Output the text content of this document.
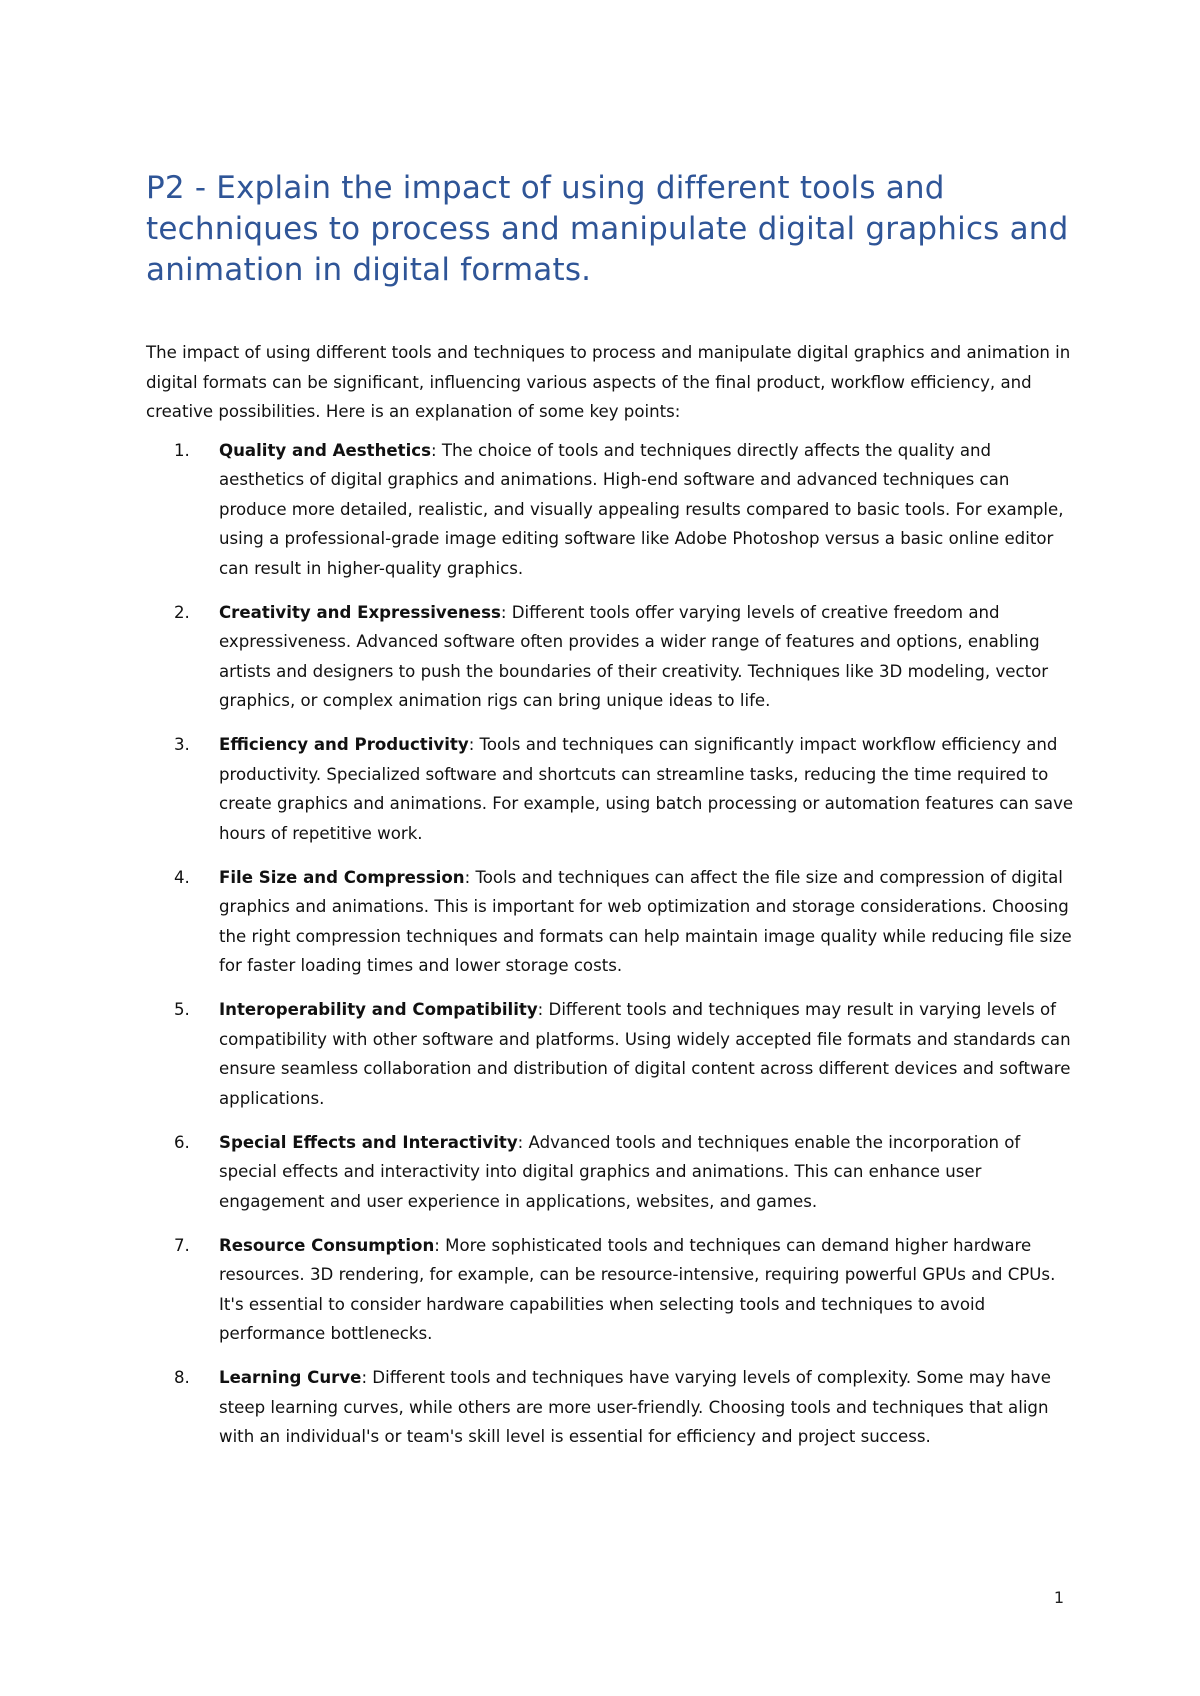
P2 - Explain the impact of using different tools and techniques to process and manipulate digital graphics and animation in digital formats.

The impact of using different tools and techniques to process and manipulate digital graphics and animation in digital formats can be significant, influencing various aspects of the final product, workflow efficiency, and creative possibilities. Here is an explanation of some key points:

1.	Quality and Aesthetics: The choice of tools and techniques directly affects the quality and aesthetics of digital graphics and animations. High-end software and advanced techniques can produce more detailed, realistic, and visually appealing results compared to basic tools. For example, using a professional-grade image editing software like Adobe Photoshop versus a basic online editor can result in higher-quality graphics.
2.	Creativity and Expressiveness: Different tools offer varying levels of creative freedom and expressiveness. Advanced software often provides a wider range of features and options, enabling artists and designers to push the boundaries of their creativity. Techniques like 3D modeling, vector graphics, or complex animation rigs can bring unique ideas to life.
3.	Efficiency and Productivity: Tools and techniques can significantly impact workflow efficiency and productivity. Specialized software and shortcuts can streamline tasks, reducing the time required to create graphics and animations. For example, using batch processing or automation features can save hours of repetitive work.
4.	File Size and Compression: Tools and techniques can affect the file size and compression of digital graphics and animations. This is important for web optimization and storage considerations. Choosing the right compression techniques and formats can help maintain image quality while reducing file size for faster loading times and lower storage costs.
5.	Interoperability and Compatibility: Different tools and techniques may result in varying levels of compatibility with other software and platforms. Using widely accepted file formats and standards can ensure seamless collaboration and distribution of digital content across different devices and software applications.
6.	Special Effects and Interactivity: Advanced tools and techniques enable the incorporation of special effects and interactivity into digital graphics and animations. This can enhance user engagement and user experience in applications, websites, and games.
7.	Resource Consumption: More sophisticated tools and techniques can demand higher hardware resources. 3D rendering, for example, can be resource-intensive, requiring powerful GPUs and CPUs. It's essential to consider hardware capabilities when selecting tools and techniques to avoid performance bottlenecks.
8.	Learning Curve: Different tools and techniques have varying levels of complexity. Some may have steep learning curves, while others are more user-friendly. Choosing tools and techniques that align with an individual's or team's skill level is essential for efficiency and project success.
1
